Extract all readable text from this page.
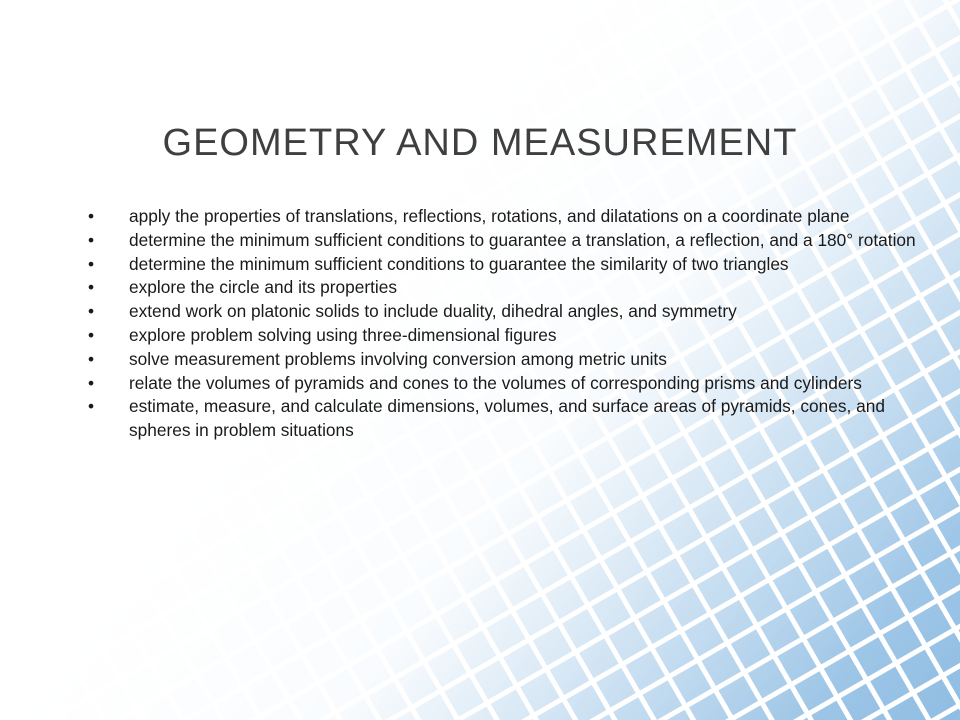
GEOMETRY AND MEASUREMENT
•	apply the properties of translations, reflections, rotations, and dilatations on a coordinate plane
•	determine the minimum sufficient conditions to guarantee a translation, a reflection, and a 180° rotation
•	determine the minimum sufficient conditions to guarantee the similarity of two triangles
•	explore the circle and its properties
•	extend work on platonic solids to include duality, dihedral angles, and symmetry
•	explore problem solving using three-dimensional figures
•	solve measurement problems involving conversion among metric units
•	relate the volumes of pyramids and cones to the volumes of corresponding prisms and cylinders
•	estimate, measure, and calculate dimensions, volumes, and surface areas of pyramids, cones, and spheres in problem situations
